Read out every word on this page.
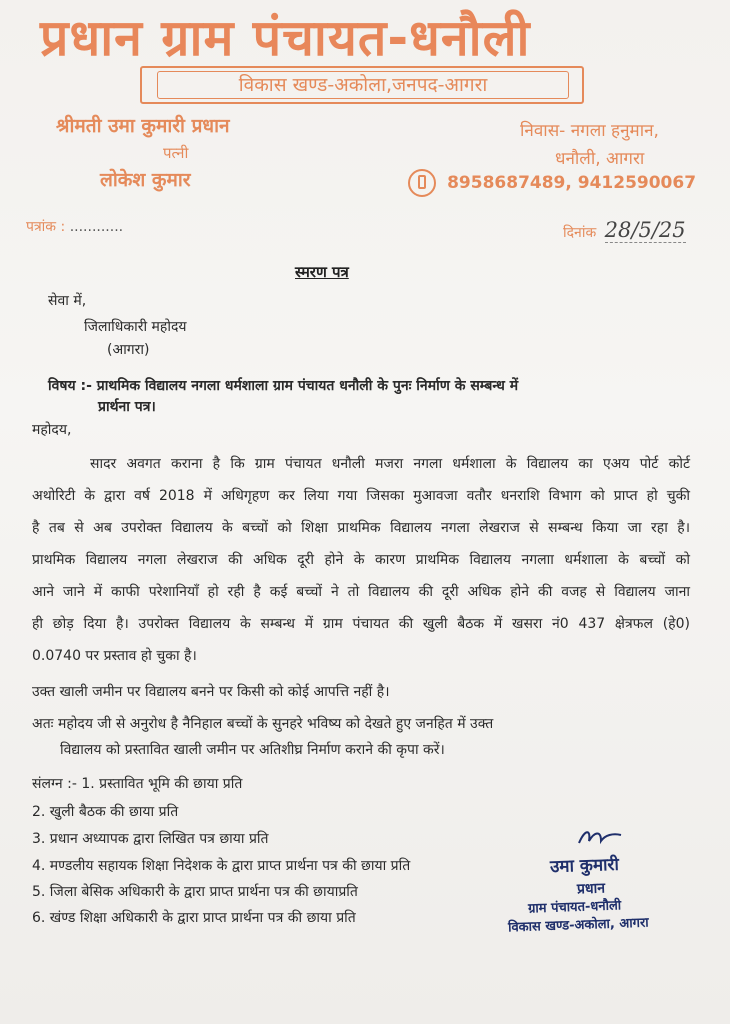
प्रधान ग्राम पंचायत-धनौली
विकास खण्ड-अकोला,जनपद-आगरा
श्रीमती उमा कुमारी प्रधान
पत्नी
लोकेश कुमार
निवास- नगला हनुमान,
धनौली, आगरा
8958687489, 9412590067
पत्रांक : ............	दिनांक 28/5/25
स्मरण पत्र
सेवा में,
जिलाधिकारी महोदय
(आगरा)
विषय :- प्राथमिक विद्यालय नगला धर्मशाला ग्राम पंचायत धनौली के पुनः निर्माण के सम्बन्ध में
प्रार्थना पत्र।
महोदय,
सादर अवगत कराना है कि ग्राम पंचायत धनौली मजरा नगला धर्मशाला के विद्यालय का एअय पोर्ट कोर्ट
अथोरिटी के द्वारा वर्ष 2018 में अधिगृहण कर लिया गया जिसका मुआवजा वतौर धनराशि विभाग को प्राप्त हो चुकी
है तब से अब उपरोक्त विद्यालय के बच्चों को शिक्षा प्राथमिक विद्यालय नगला लेखराज से सम्बन्ध किया जा रहा है।
प्राथमिक विद्यालय नगला लेखराज की अधिक दूरी होने के कारण प्राथमिक विद्यालय नगलाा धर्मशाला के बच्चों को
आने जाने में काफी परेशानियाँ हो रही है कई बच्चों ने तो विद्यालय की दूरी अधिक होने की वजह से विद्यालय जाना
ही छोड़ दिया है। उपरोक्त विद्यालय के सम्बन्ध में ग्राम पंचायत की खुली बैठक में खसरा नं0 437 क्षेत्रफल (हे0)
0.0740 पर प्रस्ताव हो चुका है।
उक्त खाली जमीन पर विद्यालय बनने पर किसी को कोई आपत्ति नहीं है।
अतः महोदय जी से अनुरोध है नैनिहाल बच्चों के सुनहरे भविष्य को देखते हुए जनहित में उक्त
विद्यालय को प्रस्तावित खाली जमीन पर अतिशीघ्र निर्माण कराने की कृपा करें।
संलग्न :- 1. प्रस्तावित भूमि की छाया प्रति
2. खुली बैठक की छाया प्रति
3. प्रधान अध्यापक द्वारा लिखित पत्र छाया प्रति
4. मण्डलीय सहायक शिक्षा निदेशक के द्वारा प्राप्त प्रार्थना पत्र की छाया प्रति
5. जिला बेसिक अधिकारी के द्वारा प्राप्त प्रार्थना पत्र की छायाप्रति
6. खंण्ड शिक्षा अधिकारी के द्वारा प्राप्त प्रार्थना पत्र की छाया प्रति
उमा कुमारी
प्रधान
ग्राम पंचायत-धनौली
विकास खण्ड-अकोला, आगरा
